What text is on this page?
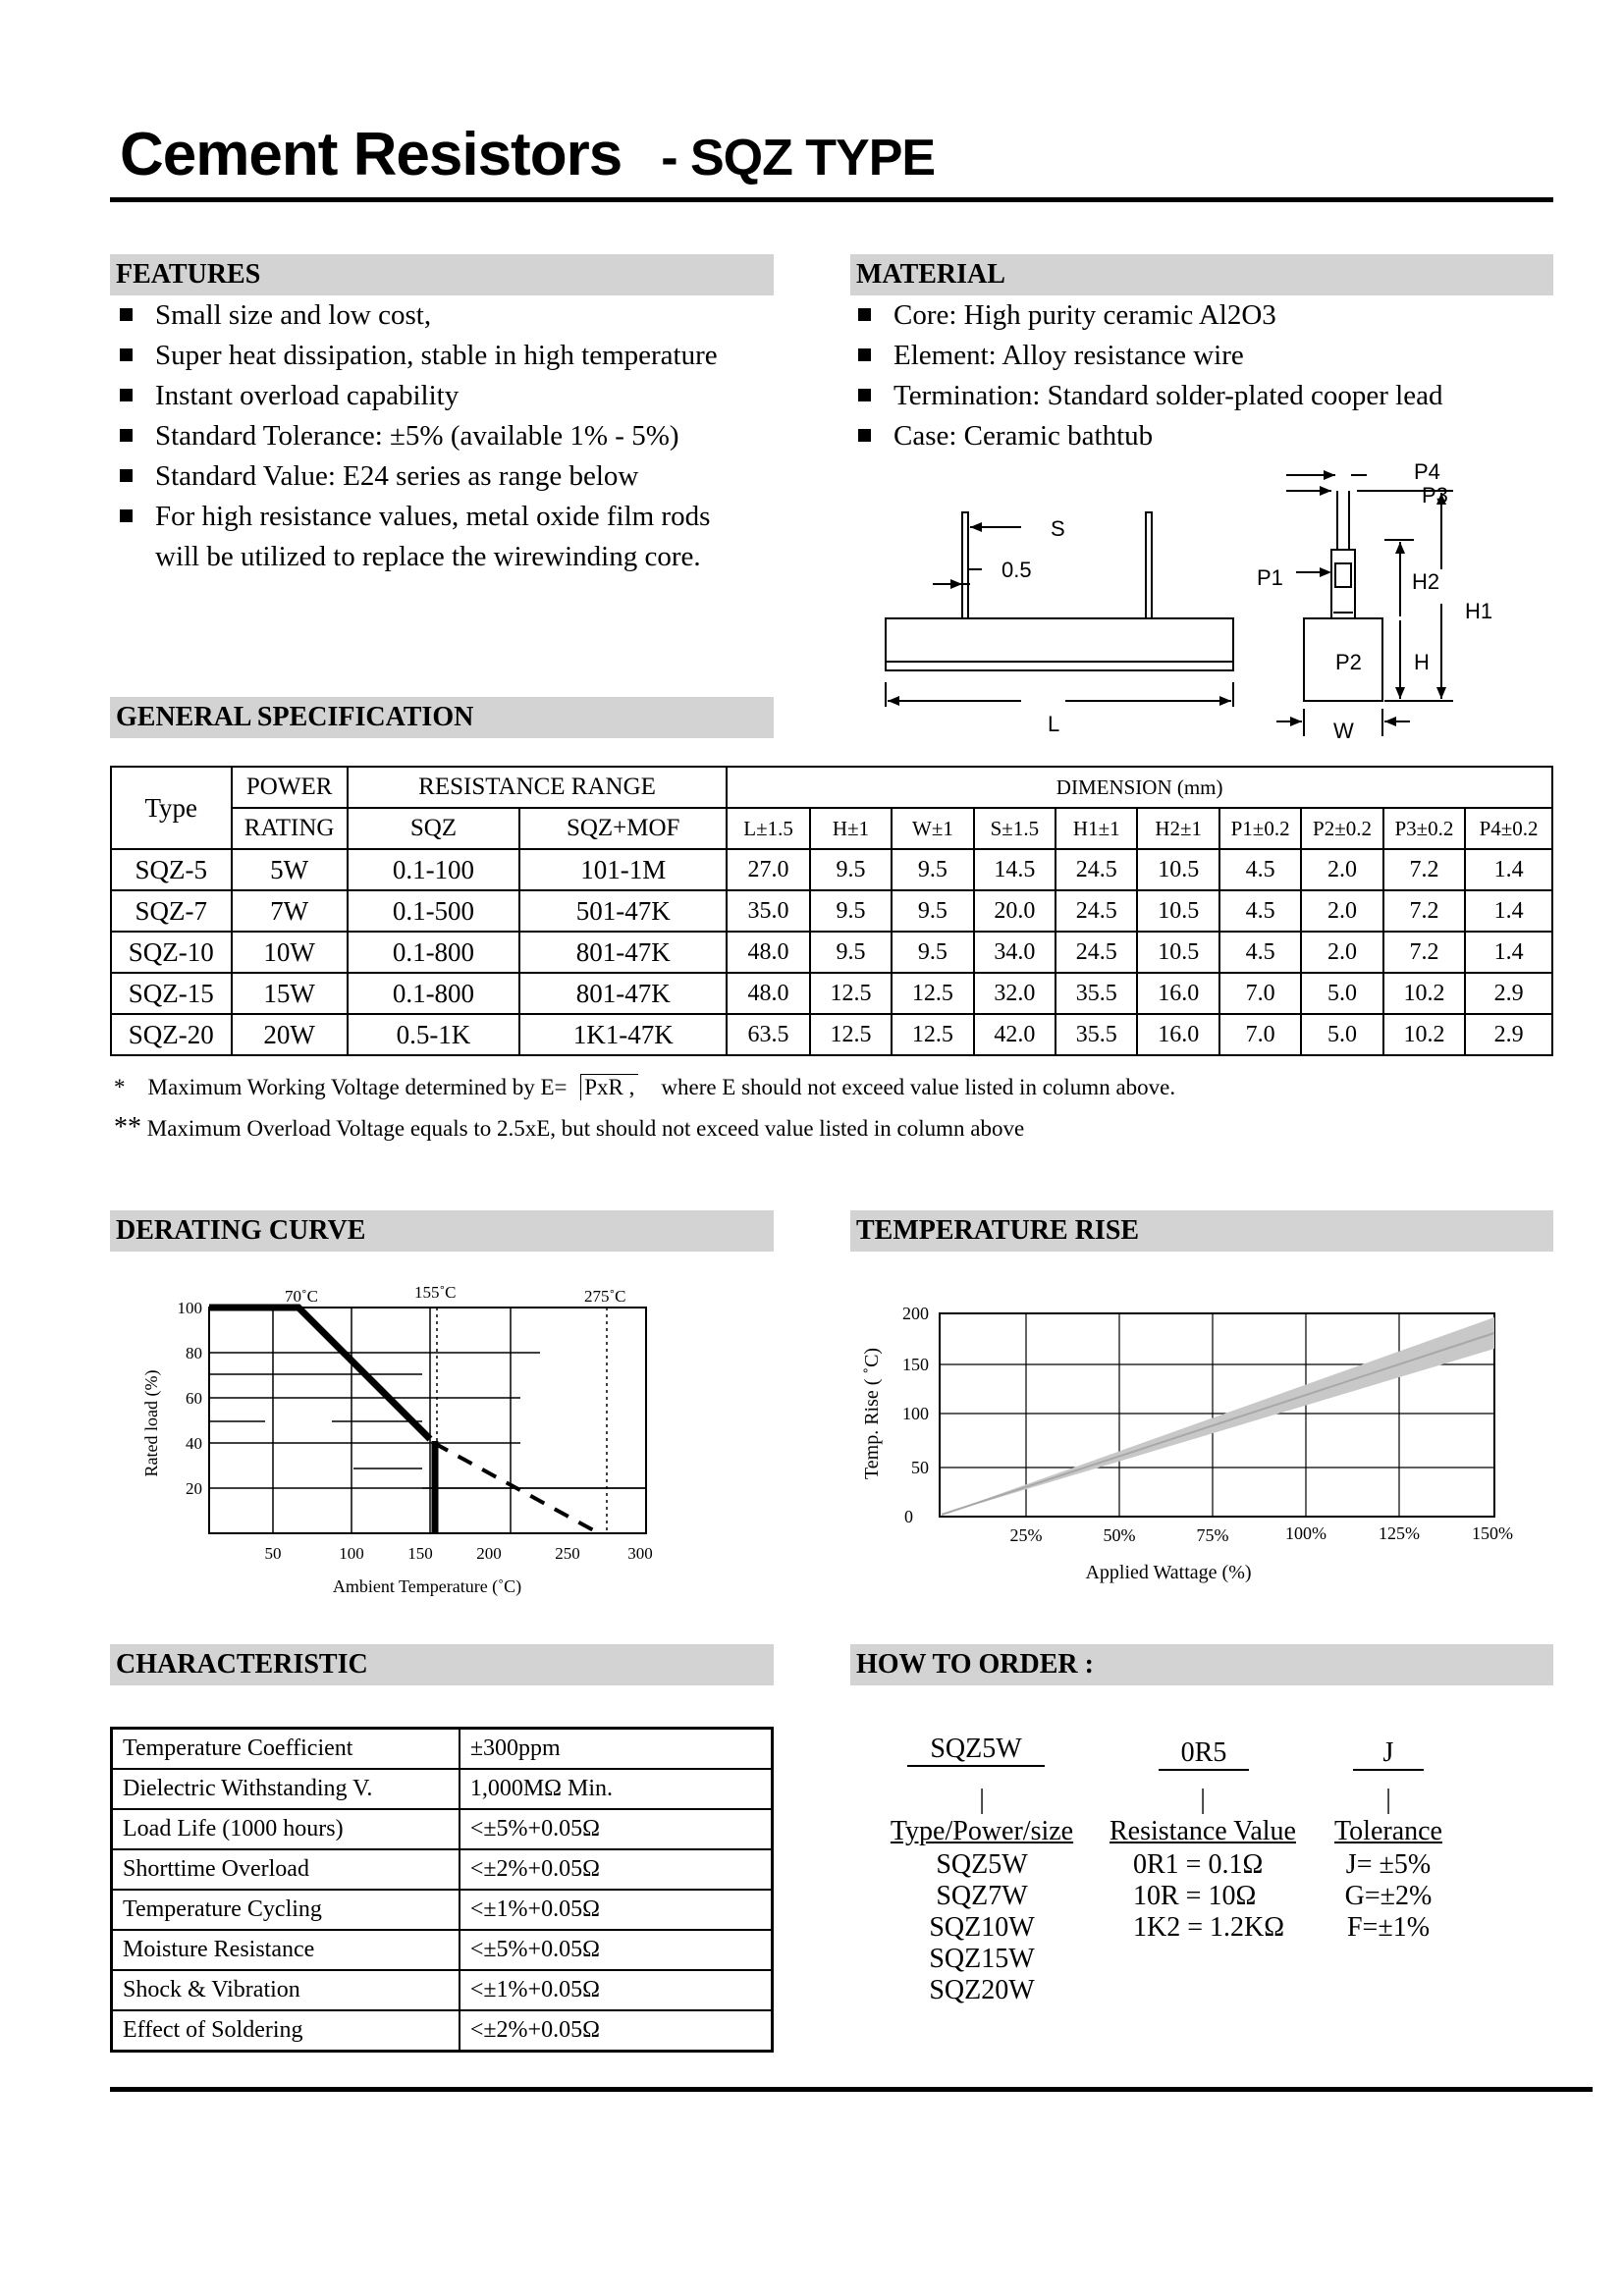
Cement Resistors - SQZ TYPE
FEATURES
Small size and low cost,
Super heat dissipation, stable in high temperature
Instant overload capability
Standard Tolerance: ±5% (available 1% - 5%)
Standard Value: E24 series as range below
For high resistance values, metal oxide film rods
will be utilized to replace the wirewinding core.
MATERIAL
Core: High purity ceramic Al2O3
Element: Alloy resistance wire
Termination: Standard solder-plated cooper lead
Case: Ceramic bathtub
S
0.5
L
P1
P2
P3
P4
H
H2
H1
W
GENERAL SPECIFICATION
Type	POWER	RESISTANCE RANGE		DIMENSION (mm)									
	RATING	SQZ	SQZ+MOF	L±1.5	H±1	W±1	S±1.5	H1±1	H2±1	P1±0.2	P2±0.2	P3±0.2	P4±0.2
SQZ-5	5W	0.1-100	101-1M	27.0	9.5	9.5	14.5	24.5	10.5	4.5	2.0	7.2	1.4
SQZ-7	7W	0.1-500	501-47K	35.0	9.5	9.5	20.0	24.5	10.5	4.5	2.0	7.2	1.4
SQZ-10	10W	0.1-800	801-47K	48.0	9.5	9.5	34.0	24.5	10.5	4.5	2.0	7.2	1.4
SQZ-15	15W	0.1-800	801-47K	48.0	12.5	12.5	32.0	35.5	16.0	7.0	5.0	10.2	2.9
SQZ-20	20W	0.5-1K	1K1-47K	63.5	12.5	12.5	42.0	35.5	16.0	7.0	5.0	10.2	2.9
* Maximum Working Voltage determined by E= PxR , where E should not exceed value listed in column above.
** Maximum Overload Voltage equals to 2.5xE, but should not exceed value listed in column above
DERATING CURVE
70˚C	155˚C	275˚C
100
80
60
40
20
50	100	150	200	250	300
Ambient Temperature (˚C)
Rated load (%)
TEMPERATURE RISE
200
150
100
50
0
25%	50%	75%	100%	125%	150%
Applied Wattage (%)
Temp. Rise ( ˚C)
CHARACTERISTIC
Temperature Coefficient	±300ppm
Dielectric Withstanding V.	1,000MΩ Min.
Load Life (1000 hours)	<±5%+0.05Ω
Shorttime Overload	<±2%+0.05Ω
Temperature Cycling	<±1%+0.05Ω
Moisture Resistance	<±5%+0.05Ω
Shock & Vibration	<±1%+0.05Ω
Effect of Soldering	<±2%+0.05Ω
HOW TO ORDER :
SQZ5W	0R5	J
|
Type/Power/size
SQZ5W
SQZ7W
SQZ10W
SQZ15W
SQZ20W
|
Resistance Value
0R1 = 0.1Ω
10R = 10Ω
1K2 = 1.2KΩ
|
Tolerance
J= ±5%
G=±2%
F=±1%
